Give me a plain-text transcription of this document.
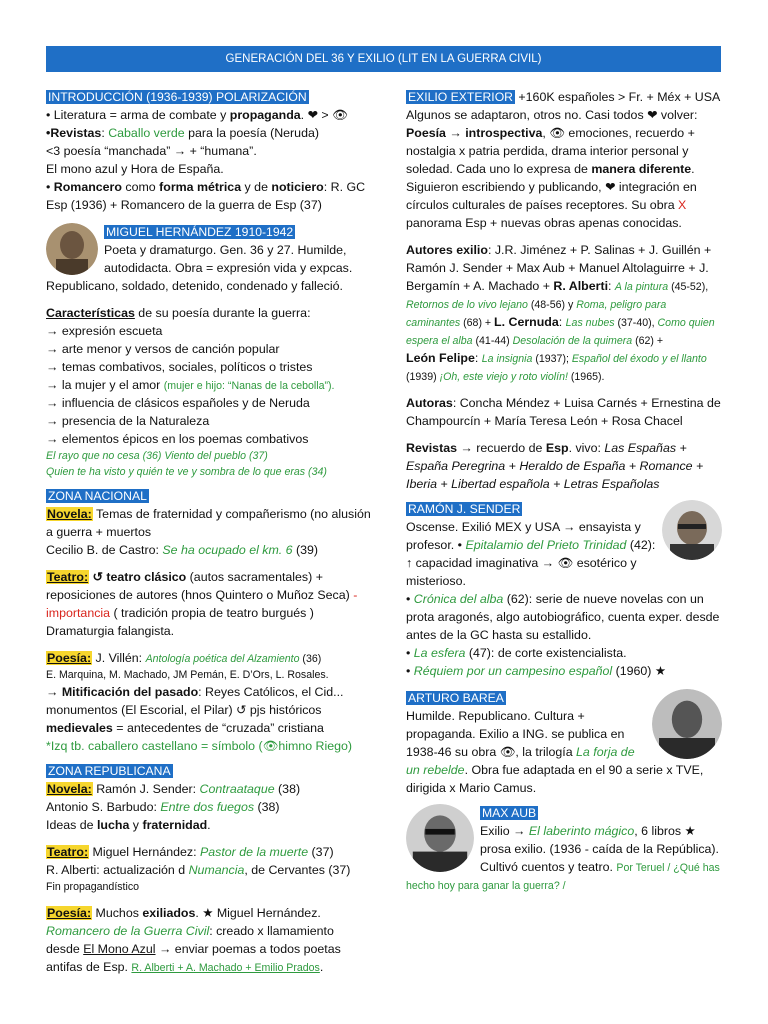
GENERACIÓN DEL 36 Y EXILIO (LIT EN LA GUERRA CIVIL)
INTRODUCCIÓN (1936-1939) POLARIZACIÓN

• Literatura = arma de combate y propaganda. ❤ > 👁

•Revistas: Caballo verde para la poesía (Neruda)

<3 poesía “manchada” → + “humana”.

El mono azul y Hora de España.

• Romancero como forma métrica y de noticiero: R. GC Esp (1936) + Romancero de la guerra de Esp (37)

MIGUEL HERNÁNDEZ 1910-1942

Poeta y dramaturgo. Gen. 36 y 27. Humilde, autodidacta. Obra = expresión vida y expcas. Republicano, soldado, detenido, condenado y falleció.

Características de su poesía durante la guerra:

→ expresión escueta

→ arte menor y versos de canción popular

→ temas combativos, sociales, políticos o tristes

→ la mujer y el amor (mujer e hijo: “Nanas de la cebolla”).

→ influencia de clásicos españoles y de Neruda

→ presencia de la Naturaleza

→ elementos épicos en los poemas combativos

El rayo que no cesa (36) Viento del pueblo (37)

Quien te ha visto y quién te ve y sombra de lo que eras (34)

ZONA NACIONAL

Novela: Temas de fraternidad y compañerismo (no alusión a guerra + muertos

Cecilio B. de Castro: Se ha ocupado el km. 6 (39)

Teatro: ↺ teatro clásico (autos sacramentales) + reposiciones de autores (hnos Quintero o Muñoz Seca) - importancia ( tradición propia de teatro burgués )

Dramaturgia falangista.

Poesía: J. Villén: Antología poética del Alzamiento (36)

E. Marquina, M. Machado, JM Pemán, E. D’Ors, L. Rosales.

→ Mitificación del pasado: Reyes Católicos, el Cid... monumentos (El Escorial, el Pilar) ↺ pjs históricos medievales = antecedentes de “cruzada” cristiana

*Izq tb. caballero castellano = símbolo (👁himno Riego)

ZONA REPUBLICANA

Novela: Ramón J. Sender: Contraataque (38)

Antonio S. Barbudo: Entre dos fuegos (38)

Ideas de lucha y fraternidad.

Teatro: Miguel Hernández: Pastor de la muerte (37)

R. Alberti: actualización d Numancia, de Cervantes (37)

Fin propagandístico

Poesía: Muchos exiliados. ★ Miguel Hernández.

Romancero de la Guerra Civil: creado x llamamiento desde El Mono Azul → enviar poemas a todos poetas antifas de Esp. R. Alberti + A. Machado + Emilio Prados.

EXILIO EXTERIOR +160K españoles > Fr. + Méx + USA

Algunos se adaptaron, otros no. Casi todos ❤ volver:

Poesía → introspectiva, 👁 emociones, recuerdo + nostalgia x patria perdida, drama interior personal y soledad. Cada uno lo expresa de manera diferente. Siguieron escribiendo y publicando, ❤ integración en círculos culturales de países receptores. Su obra X panorama Esp + nuevas obras apenas conocidas.

Autores exilio: J.R. Jiménez + P. Salinas + J. Guillén + Ramón J. Sender + Max Aub + Manuel Altolaguirre + J. Bergamín + A. Machado + R. Alberti: A la pintura (45-52), Retornos de lo vivo lejano (48-56) y Roma, peligro para caminantes (68) + L. Cernuda: Las nubes (37-40), Como quien espera el alba (41-44) Desolación de la quimera (62) +

León Felipe: La insignia (1937); Español del éxodo y el llanto (1939) ¡Oh, este viejo y roto violín! (1965).

Autoras: Concha Méndez + Luisa Carnés + Ernestina de Champourcín + María Teresa León + Rosa Chacel

Revistas → recuerdo de Esp. vivo: Las Españas + España Peregrina + Heraldo de España + Romance + Iberia + Libertad española + Letras Españolas

RAMÓN J. SENDER

Oscense. Exilió MEX y USA → ensayista y profesor. • Epitalamio del Prieto Trinidad (42):

↑ capacidad imaginativa → 👁 esotérico y misterioso.

• Crónica del alba (62): serie de nueve novelas con un prota aragonés, algo autobiográfico, cuenta exper. desde antes de la GC hasta su estallido.

• La esfera (47): de corte existencialista.

• Réquiem por un campesino español (1960) ★

ARTURO BAREA

Humilde. Republicano. Cultura + propaganda. Exilio a ING. se publica en 1938-46 su obra 👁, la trilogía La forja de un rebelde. Obra fue adaptada en el 90 a serie x TVE, dirigida x Mario Camus.

MAX AUB

Exilio → El laberinto mágico, 6 libros ★ prosa exilio. (1936 - caída de la República). Cultivó cuentos y teatro. Por Teruel / ¿Qué has hecho hoy para ganar la guerra? /
